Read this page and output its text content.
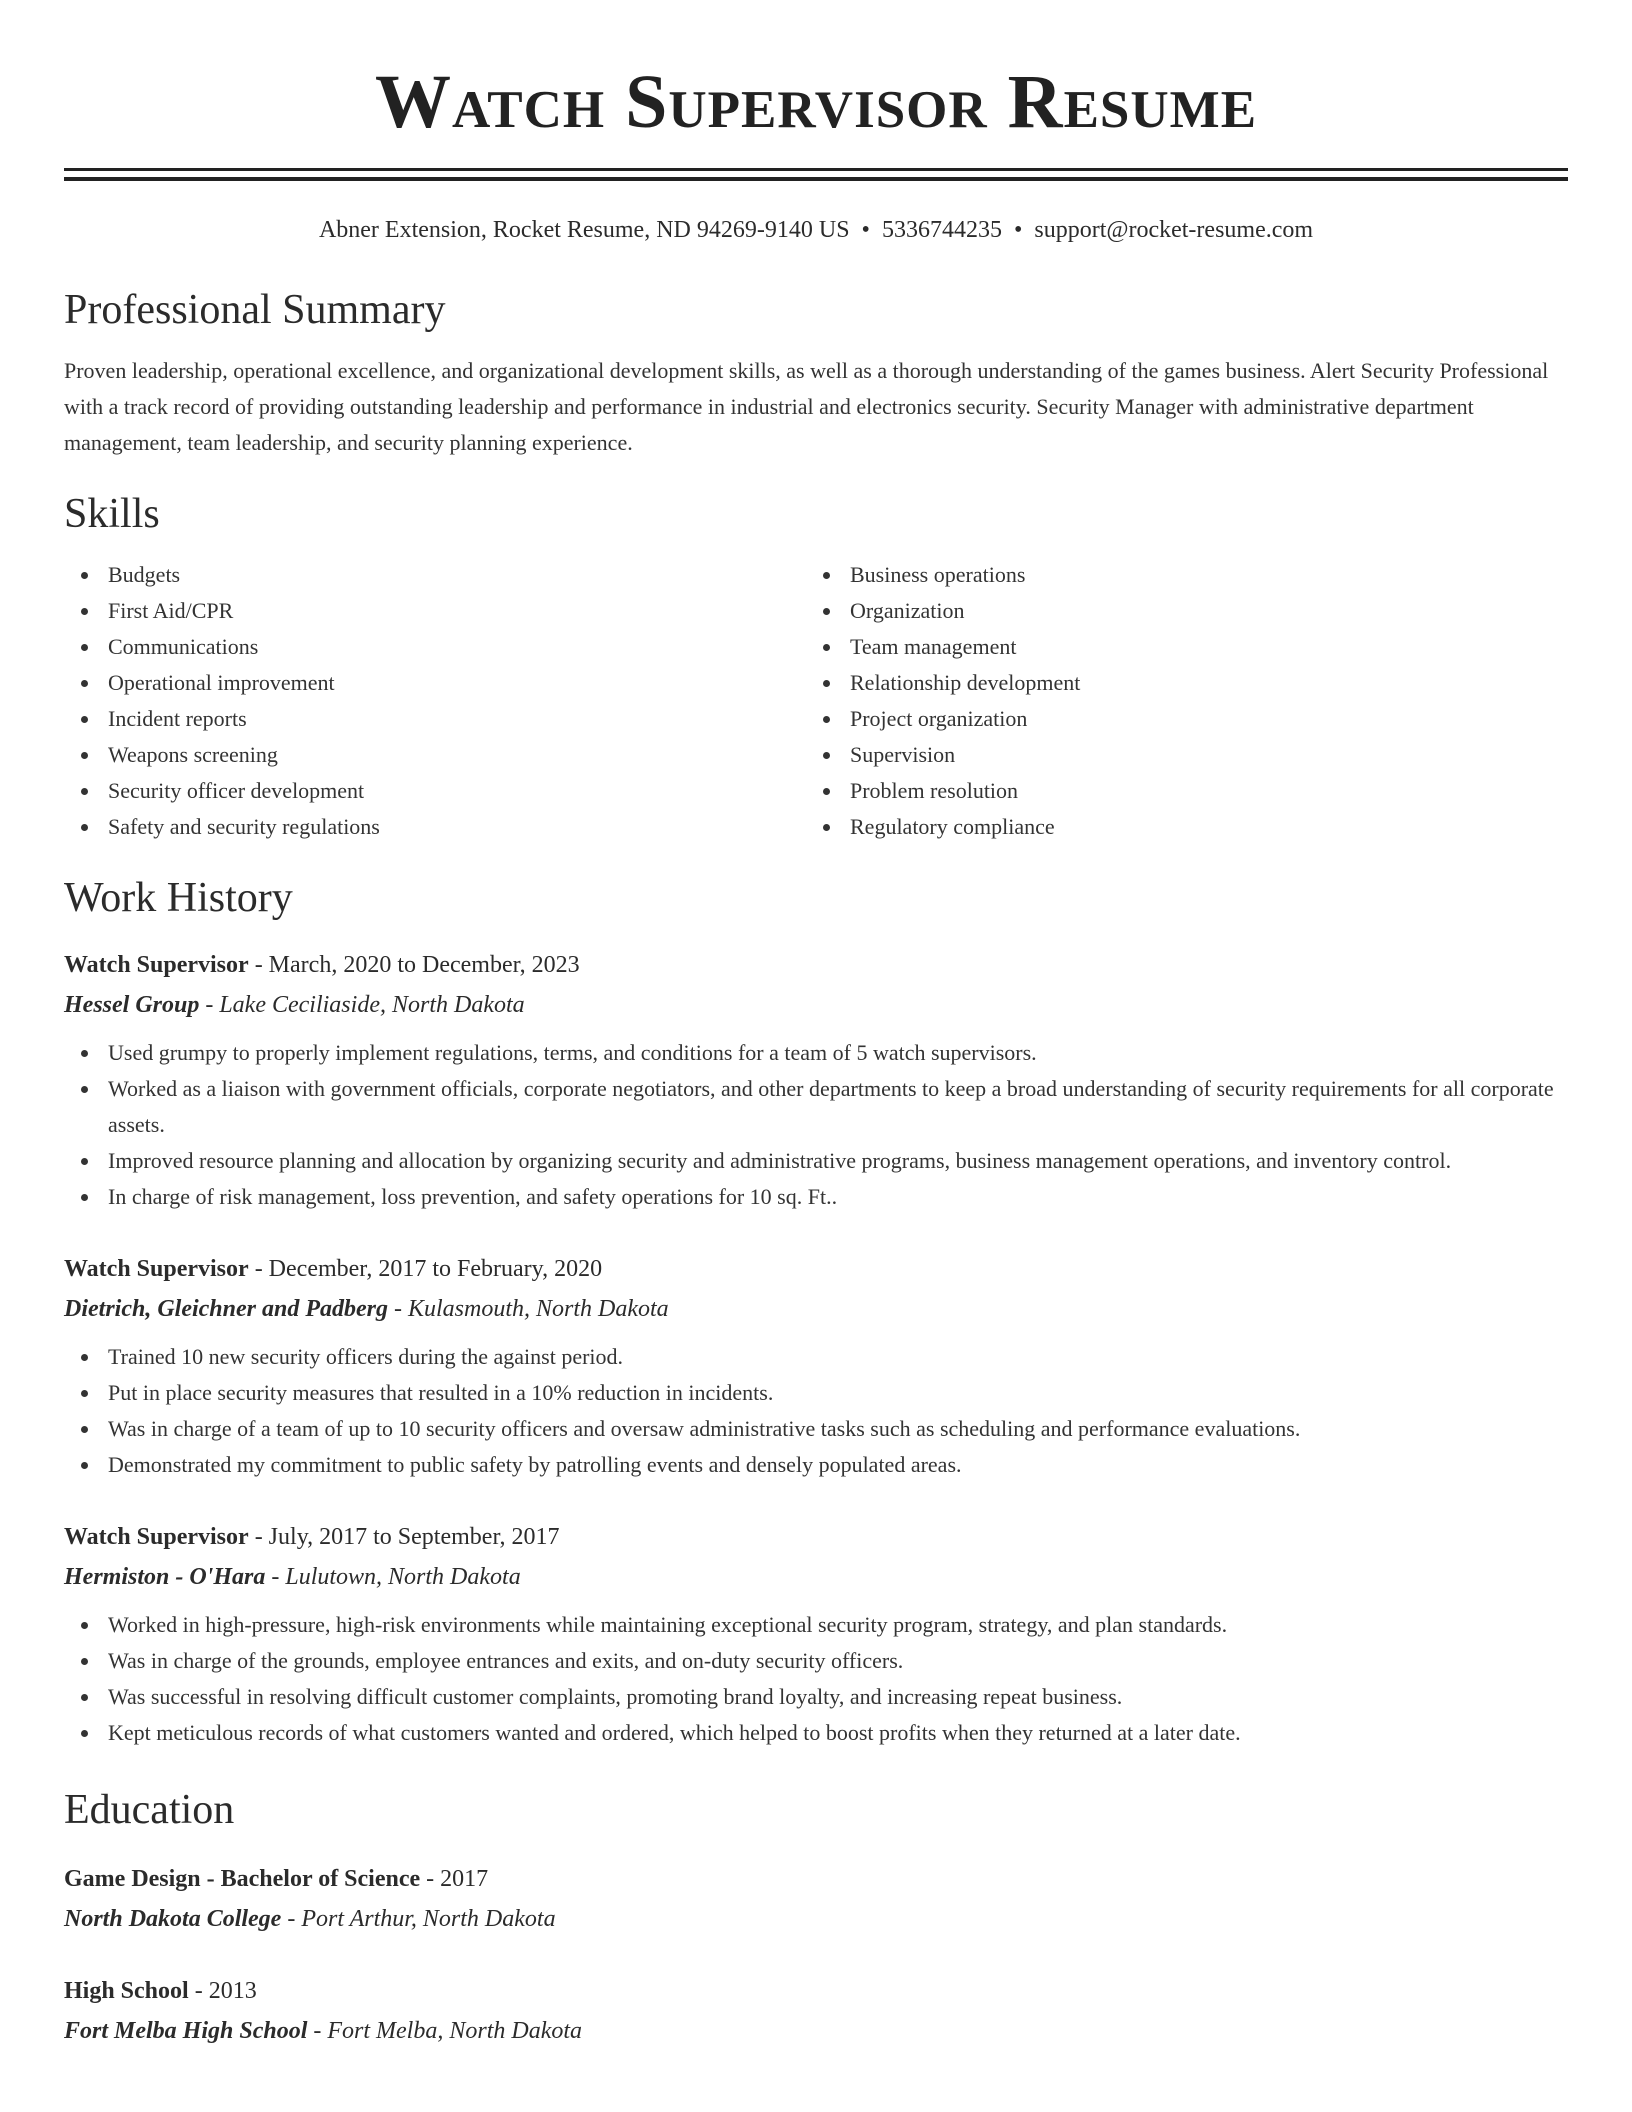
Watch Supervisor Resume
Abner Extension, Rocket Resume, ND 94269-9140 US • 5336744235 • support@rocket-resume.com
Professional Summary

Proven leadership, operational excellence, and organizational development skills, as well as a thorough understanding of the games business. Alert Security Professional with a track record of providing outstanding leadership and performance in industrial and electronics security. Security Manager with administrative department management, team leadership, and security planning experience.

Skills
Budgets
First Aid/CPR
Communications
Operational improvement
Incident reports
Weapons screening
Security officer development
Safety and security regulations
Business operations
Organization
Team management
Relationship development
Project organization
Supervision
Problem resolution
Regulatory compliance
Work History
Watch Supervisor - March, 2020 to December, 2023
Hessel Group - Lake Ceciliaside, North Dakota
Used grumpy to properly implement regulations, terms, and conditions for a team of 5 watch supervisors.
Worked as a liaison with government officials, corporate negotiators, and other departments to keep a broad understanding of security requirements for all corporate assets.
Improved resource planning and allocation by organizing security and administrative programs, business management operations, and inventory control.
In charge of risk management, loss prevention, and safety operations for 10 sq. Ft..
Watch Supervisor - December, 2017 to February, 2020
Dietrich, Gleichner and Padberg - Kulasmouth, North Dakota
Trained 10 new security officers during the against period.
Put in place security measures that resulted in a 10% reduction in incidents.
Was in charge of a team of up to 10 security officers and oversaw administrative tasks such as scheduling and performance evaluations.
Demonstrated my commitment to public safety by patrolling events and densely populated areas.
Watch Supervisor - July, 2017 to September, 2017
Hermiston - O'Hara - Lulutown, North Dakota
Worked in high-pressure, high-risk environments while maintaining exceptional security program, strategy, and plan standards.
Was in charge of the grounds, employee entrances and exits, and on-duty security officers.
Was successful in resolving difficult customer complaints, promoting brand loyalty, and increasing repeat business.
Kept meticulous records of what customers wanted and ordered, which helped to boost profits when they returned at a later date.
Education
Game Design - Bachelor of Science - 2017
North Dakota College - Port Arthur, North Dakota
High School - 2013
Fort Melba High School - Fort Melba, North Dakota
